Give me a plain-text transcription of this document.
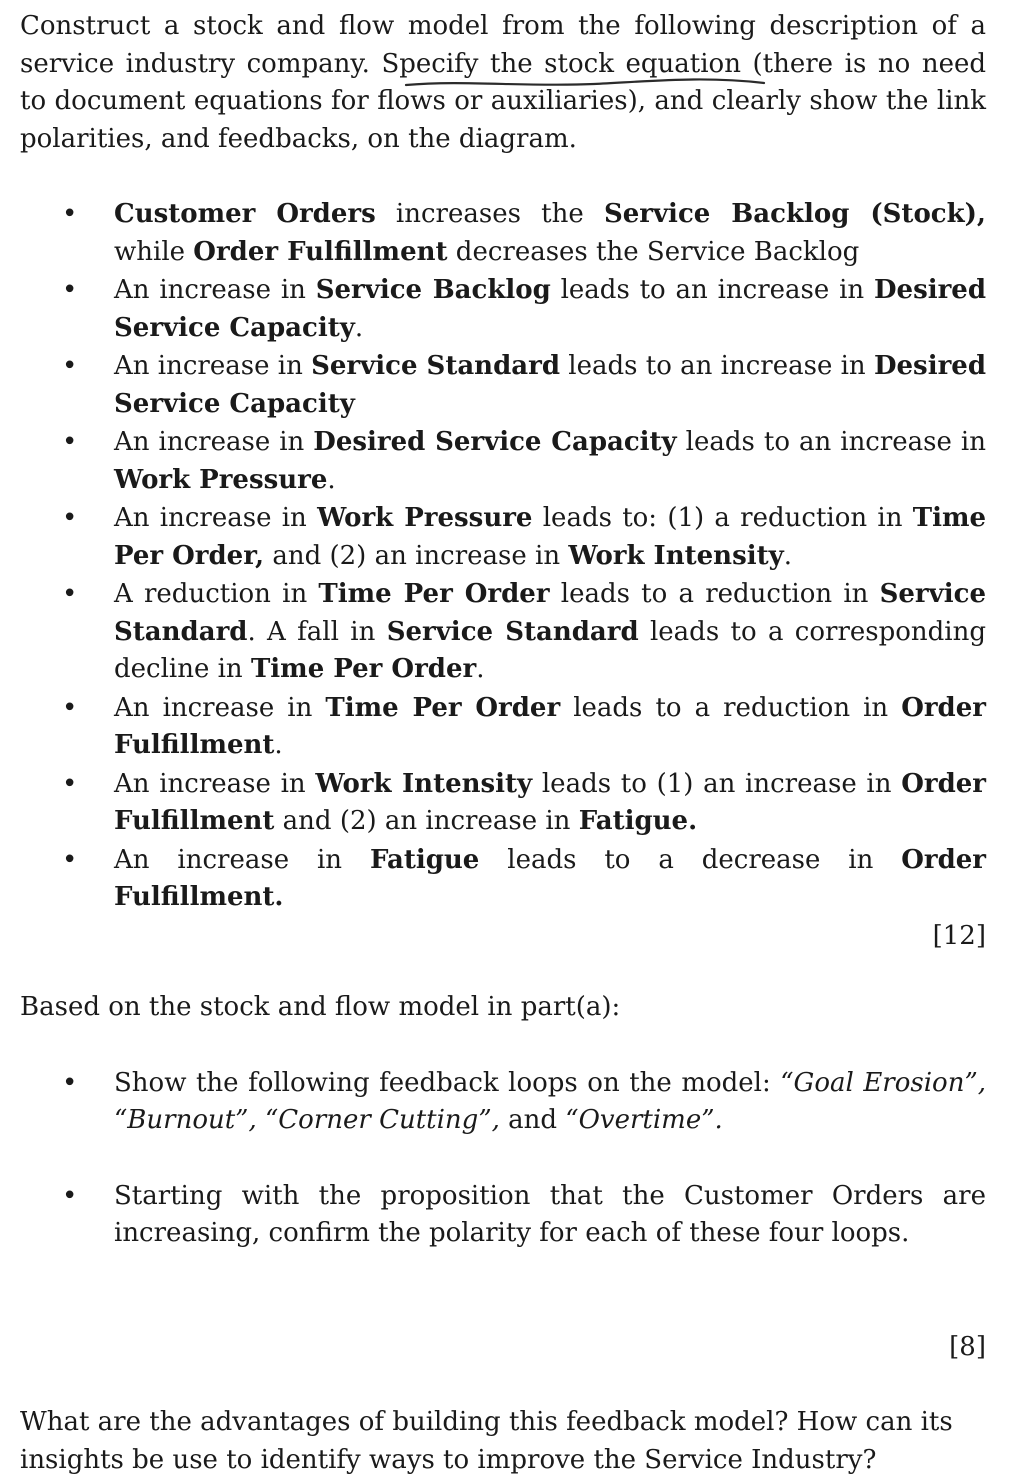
Construct a stock and flow model from the following description of a service industry company. Specify the stock equation (there is no need to document equations for flows or auxiliaries), and clearly show the link polarities, and feedbacks, on the diagram.

• Customer Orders increases the Service Backlog (Stock), while Order Fulfillment decreases the Service Backlog
• An increase in Service Backlog leads to an increase in Desired Service Capacity.
• An increase in Service Standard leads to an increase in Desired Service Capacity
• An increase in Desired Service Capacity leads to an increase in Work Pressure.
• An increase in Work Pressure leads to: (1) a reduction in Time Per Order, and (2) an increase in Work Intensity.
• A reduction in Time Per Order leads to a reduction in Service Standard. A fall in Service Standard leads to a corresponding decline in Time Per Order.
• An increase in Time Per Order leads to a reduction in Order Fulfillment.
• An increase in Work Intensity leads to (1) an increase in Order Fulfillment and (2) an increase in Fatigue.
• An increase in Fatigue leads to a decrease in Order Fulfillment.
[12]

Based on the stock and flow model in part(a):

• Show the following feedback loops on the model: “Goal Erosion”, “Burnout”, “Corner Cutting”, and “Overtime”.
• Starting with the proposition that the Customer Orders are increasing, confirm the polarity for each of these four loops.
[8]

What are the advantages of building this feedback model? How can its insights be use to identify ways to improve the Service Industry?
